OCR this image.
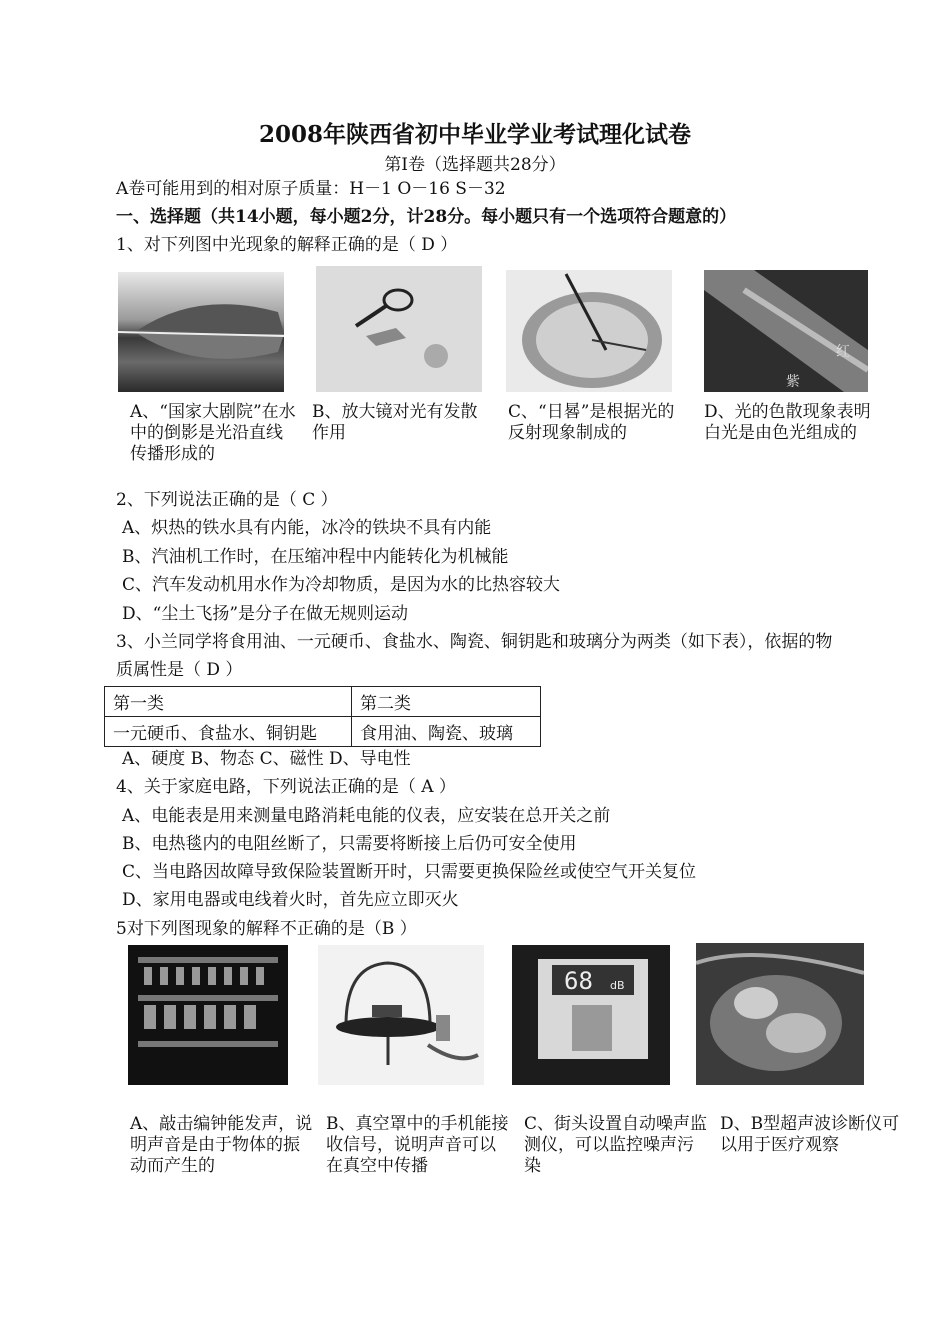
2008年陕西省初中毕业学业考试理化试卷
第I卷（选择题共28分）
A卷可能用到的相对原子质量：H－1 O－16 S－32
一、选择题（共14小题，每小题2分，计28分。每小题只有一个选项符合题意的）
1、对下列图中光现象的解释正确的是（ D ）
红
紫
A、“国家大剧院”在水中的倒影是光沿直线传播形成的
B、放大镜对光有发散作用
C、“日晷”是根据光的反射现象制成的
D、光的色散现象表明白光是由色光组成的
2、下列说法正确的是（ C ）
A、炽热的铁水具有内能，冰冷的铁块不具有内能
B、汽油机工作时，在压缩冲程中内能转化为机械能
C、汽车发动机用水作为冷却物质，是因为水的比热容较大
D、“尘土飞扬”是分子在做无规则运动
3、小兰同学将食用油、一元硬币、食盐水、陶瓷、铜钥匙和玻璃分为两类（如下表），依据的物
质属性是（ D ）
第一类	第二类
一元硬币、食盐水、铜钥匙	食用油、陶瓷、玻璃
A、硬度 B、物态 C、磁性 D、导电性
4、关于家庭电路，下列说法正确的是（ A ）
A、电能表是用来测量电路消耗电能的仪表，应安装在总开关之前
B、电热毯内的电阻丝断了，只需要将断接上后仍可安全使用
C、当电路因故障导致保险装置断开时，只需要更换保险丝或使空气开关复位
D、家用电器或电线着火时，首先应立即灭火
5对下列图现象的解释不正确的是（B ）
68 dB
A、敲击编钟能发声，说明声音是由于物体的振动而产生的
B、真空罩中的手机能接收信号，说明声音可以在真空中传播
C、街头设置自动噪声监测仪，可以监控噪声污染
D、B型超声波诊断仪可以用于医疗观察
